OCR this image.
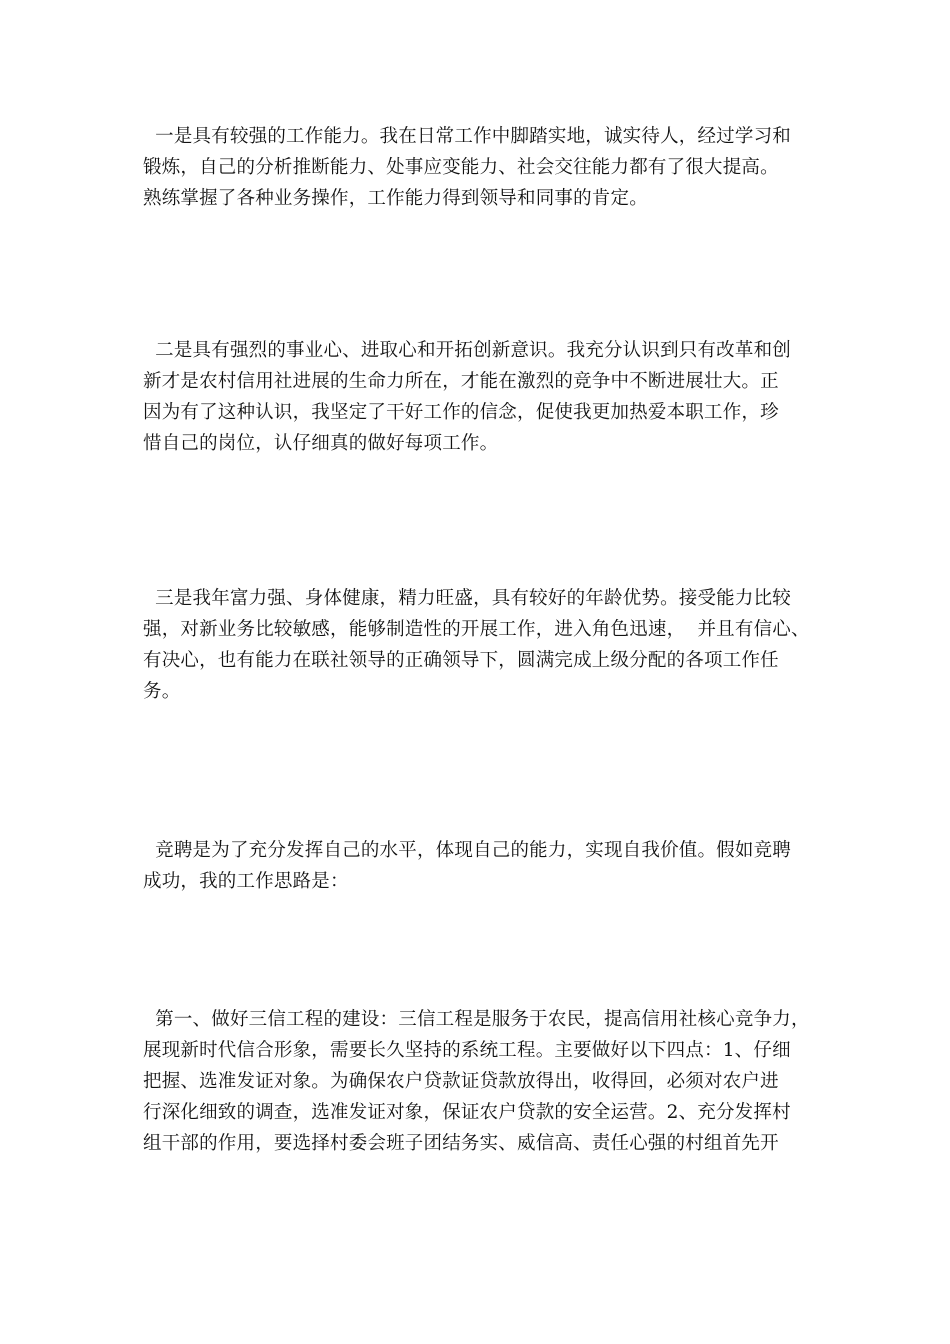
一是具有较强的工作能力。我在日常工作中脚踏实地，诚实待人，经过学习和
锻炼，自己的分析推断能力、处事应变能力、社会交往能力都有了很大提高。
熟练掌握了各种业务操作，工作能力得到领导和同事的肯定。
二是具有强烈的事业心、进取心和开拓创新意识。我充分认识到只有改革和创
新才是农村信用社进展的生命力所在，才能在激烈的竞争中不断进展壮大。正
因为有了这种认识，我坚定了干好工作的信念，促使我更加热爱本职工作，珍
惜自己的岗位，认仔细真的做好每项工作。
三是我年富力强、身体健康，精力旺盛，具有较好的年龄优势。接受能力比较
强，对新业务比较敏感，能够制造性的开展工作，进入角色迅速，  并且有信心、
有决心，也有能力在联社领导的正确领导下，圆满完成上级分配的各项工作任
务。
竞聘是为了充分发挥自己的水平，体现自己的能力，实现自我价值。假如竞聘
成功，我的工作思路是：
第一、做好三信工程的建设：三信工程是服务于农民，提高信用社核心竞争力，
展现新时代信合形象，需要长久坚持的系统工程。主要做好以下四点：1、仔细
把握、选准发证对象。为确保农户贷款证贷款放得出，收得回，必须对农户进
行深化细致的调查，选准发证对象，保证农户贷款的安全运营。2、充分发挥村
组干部的作用，要选择村委会班子团结务实、威信高、责任心强的村组首先开
